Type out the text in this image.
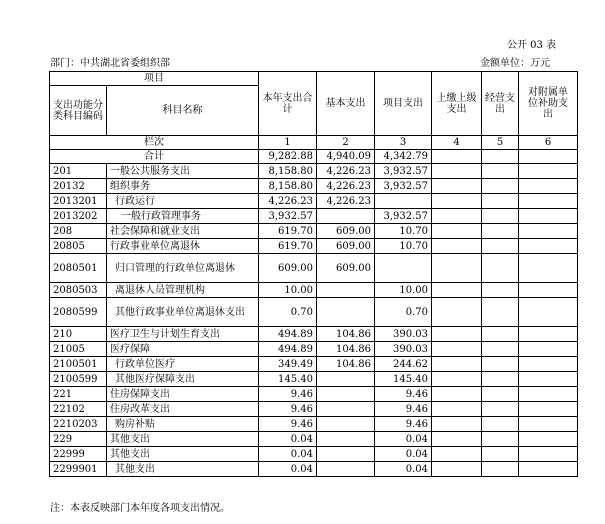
公开 03 表
部门：中共湖北省委组织部	金额单位：万元
项目		本年支出合计	基本支出	项目支出	上缴上级支出	经营支出	对附属单位补助支出
支出功能分类科目编码	科目名称						
栏次		1	2	3	4	5	6
合计		9,282.88	4,940.09	4,342.79			
201	一般公共服务支出	8,158.80	4,226.23	3,932.57			
20132	组织事务	8,158.80	4,226.23	3,932.57			
2013201	行政运行	4,226.23	4,226.23				
2013202	一般行政管理事务	3,932.57		3,932.57			
208	社会保障和就业支出	619.70	609.00	10.70			
20805	行政事业单位离退休	619.70	609.00	10.70			
2080501	归口管理的行政单位离退休	609.00	609.00				
2080503	离退休人员管理机构	10.00		10.00			
2080599	其他行政事业单位离退休支出	0.70		0.70			
210	医疗卫生与计划生育支出	494.89	104.86	390.03			
21005	医疗保障	494.89	104.86	390.03			
2100501	行政单位医疗	349.49	104.86	244.62			
2100599	其他医疗保障支出	145.40		145.40			
221	住房保障支出	9.46		9.46			
22102	住房改革支出	9.46		9.46			
2210203	购房补贴	9.46		9.46			
229	其他支出	0.04		0.04			
22999	其他支出	0.04		0.04			
2299901	其他支出	0.04		0.04			
注：本表反映部门本年度各项支出情况。
